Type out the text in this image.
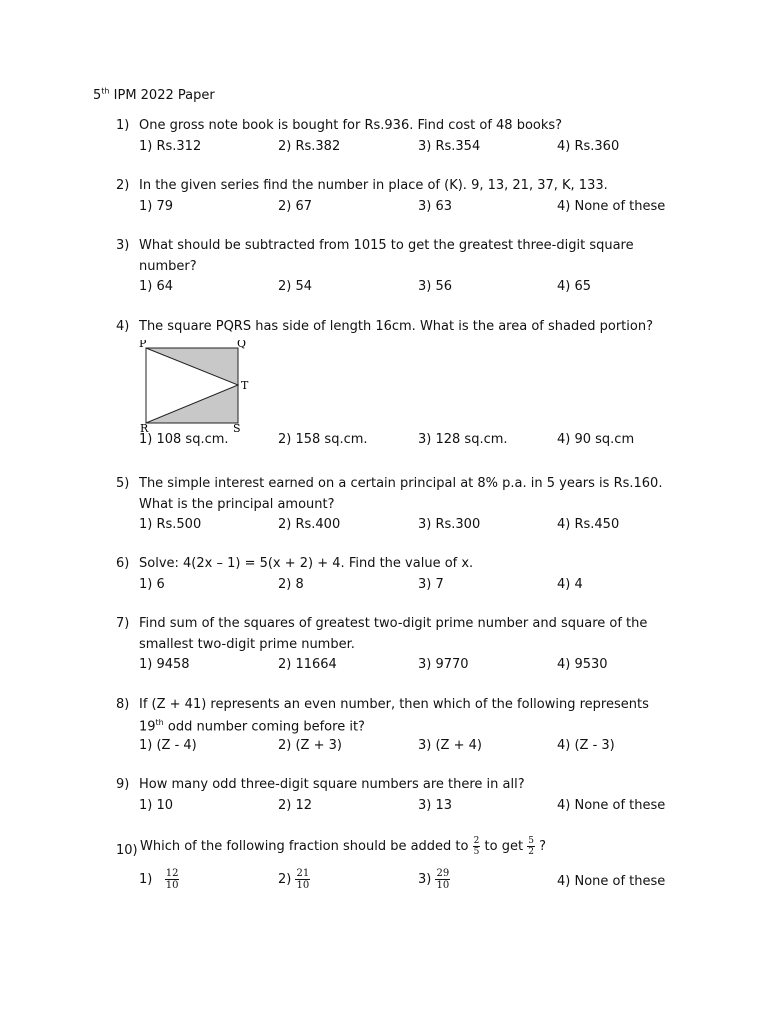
5th IPM 2022 Paper
1) One gross note book is bought for Rs.936. Find cost of 48 books?
1) Rs.312	2) Rs.382	3) Rs.354	4) Rs.360
2) In the given series find the number in place of (K). 9, 13, 21, 37, K, 133.
1) 79	2) 67	3) 63	4) None of these
3) What should be subtracted from 1015 to get the greatest three-digit square
number?
1) 64	2) 54	3) 56	4) 65
4) The square PQRS has side of length 16cm. What is the area of shaded portion?
P	Q
T
R	S
1) 108 sq.cm.	2) 158 sq.cm.	3) 128 sq.cm.	4) 90 sq.cm
5) The simple interest earned on a certain principal at 8% p.a. in 5 years is Rs.160.
What is the principal amount?
1) Rs.500	2) Rs.400	3) Rs.300	4) Rs.450
6) Solve: 4(2x – 1) = 5(x + 2) + 4. Find the value of x.
1) 6	2) 8	3) 7	4) 4
7) Find sum of the squares of greatest two-digit prime number and square of the
smallest two-digit prime number.
1) 9458	2) 11664	3) 9770	4) 9530
8) If (Z + 41) represents an even number, then which of the following represents
19th odd number coming before it?
1) (Z - 4)	2) (Z + 3)	3) (Z + 4)	4) (Z - 3)
9) How many odd three-digit square numbers are there in all?
1) 10	2) 12	3) 13	4) None of these
10) Which of the following fraction should be added to $\frac{2}{5}$ to get $\frac{5}{2}$ ?
$1) \frac{12}{10}$	$2) \frac{21}{10}$	$3) \frac{29}{10}$	4) None of these
